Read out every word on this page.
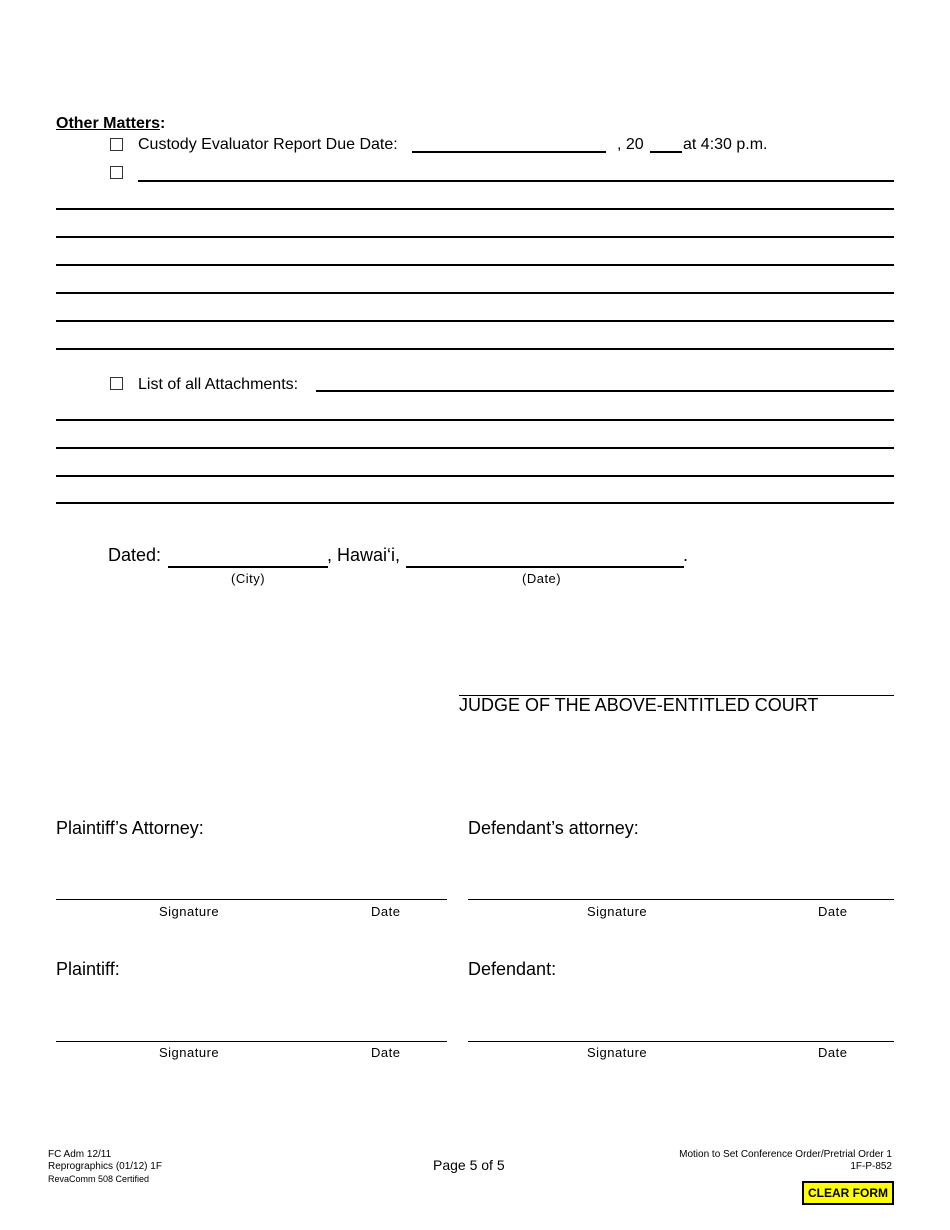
Other Matters:
Custody Evaluator Report Due Date:	, 20 at 4:30 p.m.
List of all Attachments:
Dated:	, Hawai‘i,	.
(City)	(Date)
JUDGE OF THE ABOVE-ENTITLED COURT
Plaintiff’s Attorney:	Defendant’s attorney:
Signature	Date	Signature	Date
Plaintiff:	Defendant:
Signature	Date	Signature	Date
FC Adm 12/11
Reprographics (01/12) 1F
RevaComm 508 Certified
Page 5 of 5
Motion to Set Conference Order/Pretrial Order 1
1F-P-852
CLEAR FORM
